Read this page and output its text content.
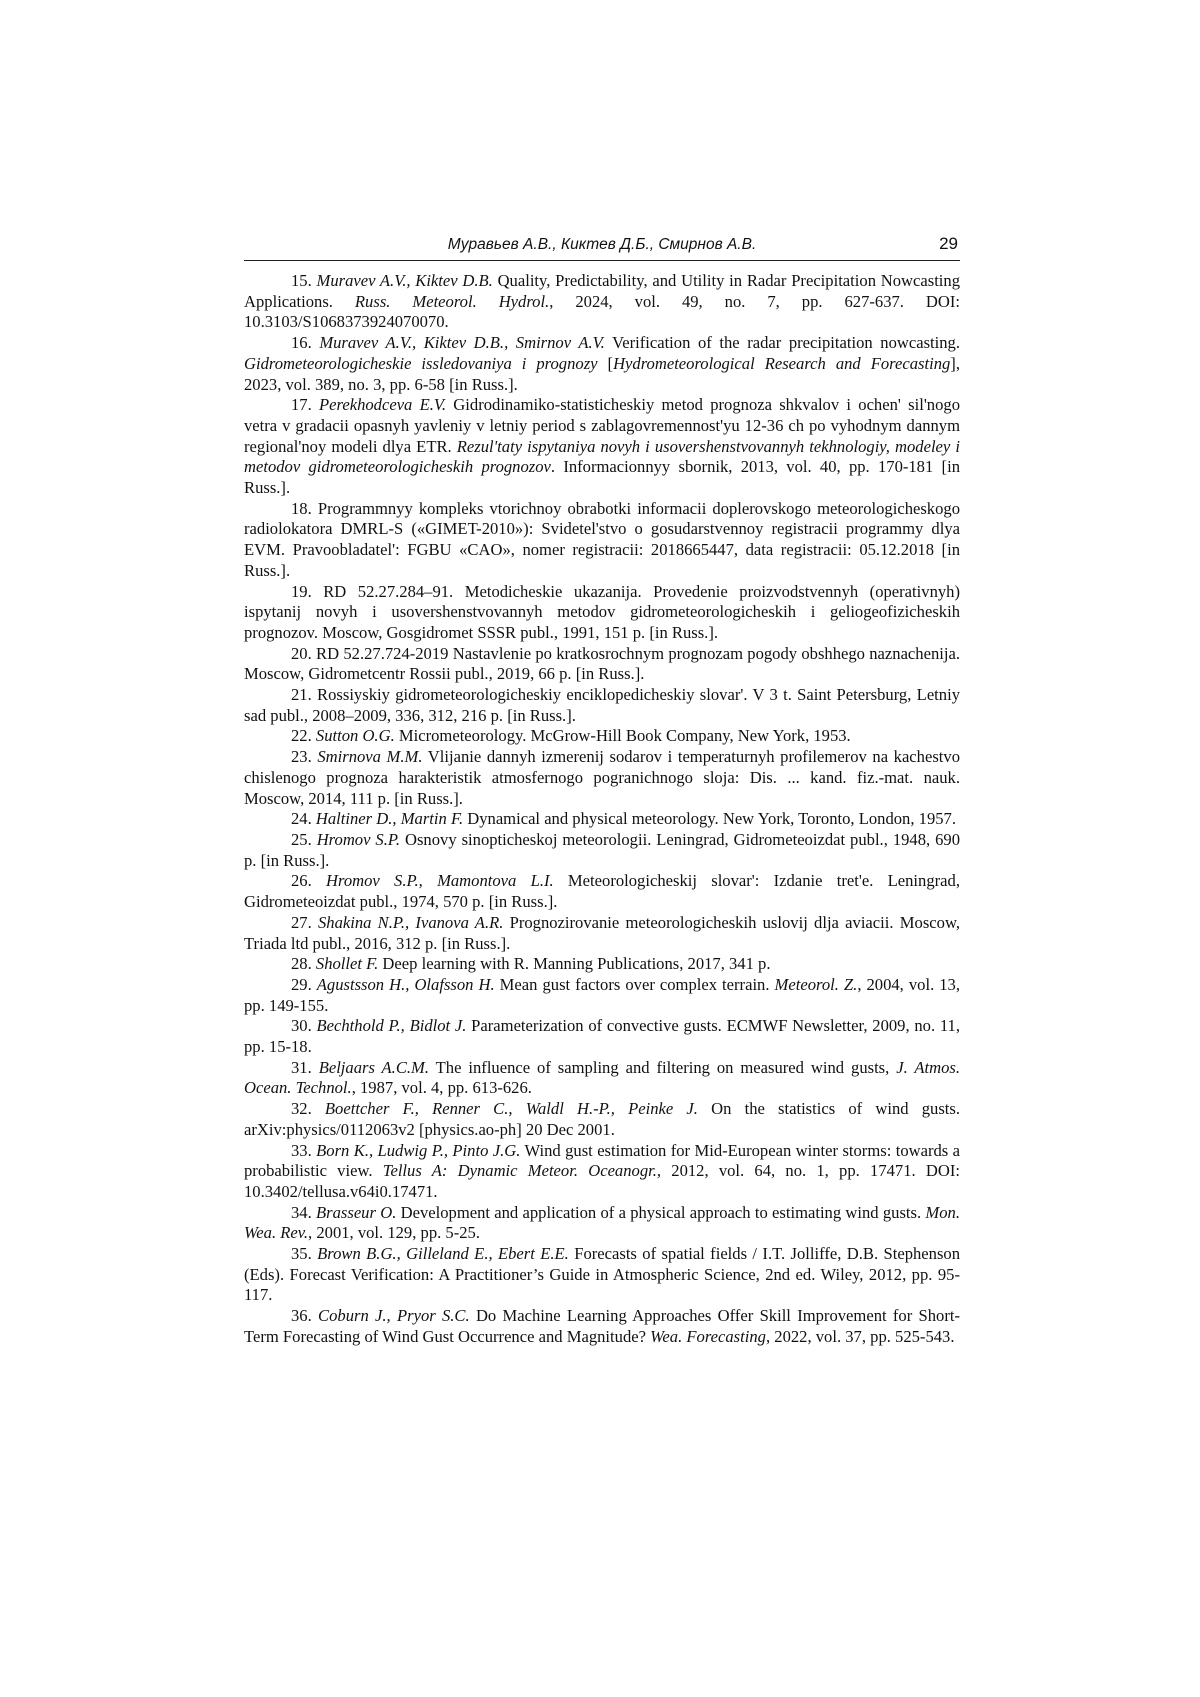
Муравьев А.В., Киктев Д.Б., Смирнов А.В.	29

15. Muravev A.V., Kiktev D.B. Quality, Predictability, and Utility in Radar Precipitation Nowcasting Applications. Russ. Meteorol. Hydrol., 2024, vol. 49, no. 7, pp. 627-637. DOI: 10.3103/S1068373924070070.

16. Muravev A.V., Kiktev D.B., Smirnov A.V. Verification of the radar precipitation nowcasting. Gidrometeorologicheskie issledovaniya i prognozy [Hydrometeorological Research and Forecasting], 2023, vol. 389, no. 3, pp. 6-58 [in Russ.].

17. Perekhodceva E.V. Gidrodinamiko-statisticheskiy metod prognoza shkvalov i ochen' sil'nogo vetra v gradacii opasnyh yavleniy v letniy period s zablagovremennost'yu 12-36 ch po vyhodnym dannym regional'noy modeli dlya ETR. Rezul'taty ispytaniya novyh i usovershenstvovannyh tekhnologiy, modeley i metodov gidrometeorologicheskih prognozov. Informacionnyy sbornik, 2013, vol. 40, pp. 170-181 [in Russ.].

18. Programmnyy kompleks vtorichnoy obrabotki informacii doplerovskogo meteorologicheskogo radiolokatora DMRL-S («GIMET-2010»): Svidetel'stvo o gosudarstvennoy registracii programmy dlya EVM. Pravoobladatel': FGBU «CAO», nomer registracii: 2018665447, data registracii: 05.12.2018 [in Russ.].

19. RD 52.27.284–91. Metodicheskie ukazanija. Provedenie proizvodstvennyh (operativnyh) ispytanij novyh i usovershenstvovannyh metodov gidrometeorologicheskih i geliogeofizicheskih prognozov. Moscow, Gosgidromet SSSR publ., 1991, 151 p. [in Russ.].

20. RD 52.27.724-2019 Nastavlenie po kratkosrochnym prognozam pogody obshhego naznachenija. Moscow, Gidrometcentr Rossii publ., 2019, 66 p. [in Russ.].

21. Rossiyskiy gidrometeorologicheskiy enciklopedicheskiy slovar'. V 3 t. Saint Petersburg, Letniy sad publ., 2008–2009, 336, 312, 216 p. [in Russ.].

22. Sutton O.G. Micrometeorology. McGrow-Hill Book Company, New York, 1953.

23. Smirnova M.M. Vlijanie dannyh izmerenij sodarov i temperaturnyh profilemerov na kachestvo chislenogo prognoza harakteristik atmosfernogo pogranichnogo sloja: Dis. ... kand. fiz.-mat. nauk. Moscow, 2014, 111 p. [in Russ.].

24. Haltiner D., Martin F. Dynamical and physical meteorology. New York, Toronto, London, 1957.

25. Hromov S.P. Osnovy sinopticheskoj meteorologii. Leningrad, Gidrometeoizdat publ., 1948, 690 p. [in Russ.].

26. Hromov S.P., Mamontova L.I. Meteorologicheskij slovar': Izdanie tret'e. Leningrad, Gidrometeoizdat publ., 1974, 570 p. [in Russ.].

27. Shakina N.P., Ivanova A.R. Prognozirovanie meteorologicheskih uslovij dlja aviacii. Moscow, Triada ltd publ., 2016, 312 p. [in Russ.].

28. Shollet F. Deep learning with R. Manning Publications, 2017, 341 p.

29. Agustsson H., Olafsson H. Mean gust factors over complex terrain. Meteorol. Z., 2004, vol. 13, pp. 149-155.

30. Bechthold P., Bidlot J. Parameterization of convective gusts. ECMWF Newsletter, 2009, no. 11, pp. 15-18.

31. Beljaars A.C.M. The influence of sampling and filtering on measured wind gusts, J. Atmos. Ocean. Technol., 1987, vol. 4, pp. 613-626.

32. Boettcher F., Renner C., Waldl H.-P., Peinke J. On the statistics of wind gusts. arXiv:physics/0112063v2 [physics.ao-ph] 20 Dec 2001.

33. Born K., Ludwig P., Pinto J.G. Wind gust estimation for Mid-European winter storms: towards a probabilistic view. Tellus A: Dynamic Meteor. Oceanogr., 2012, vol. 64, no. 1, pp. 17471. DOI: 10.3402/tellusa.v64i0.17471.

34. Brasseur O. Development and application of a physical approach to estimating wind gusts. Mon. Wea. Rev., 2001, vol. 129, pp. 5-25.

35. Brown B.G., Gilleland E., Ebert E.E. Forecasts of spatial fields / I.T. Jolliffe, D.B. Stephenson (Eds). Forecast Verification: A Practitioner’s Guide in Atmospheric Science, 2nd ed. Wiley, 2012, pp. 95-117.

36. Coburn J., Pryor S.C. Do Machine Learning Approaches Offer Skill Improvement for Short-Term Forecasting of Wind Gust Occurrence and Magnitude? Wea. Forecasting, 2022, vol. 37, pp. 525-543.
